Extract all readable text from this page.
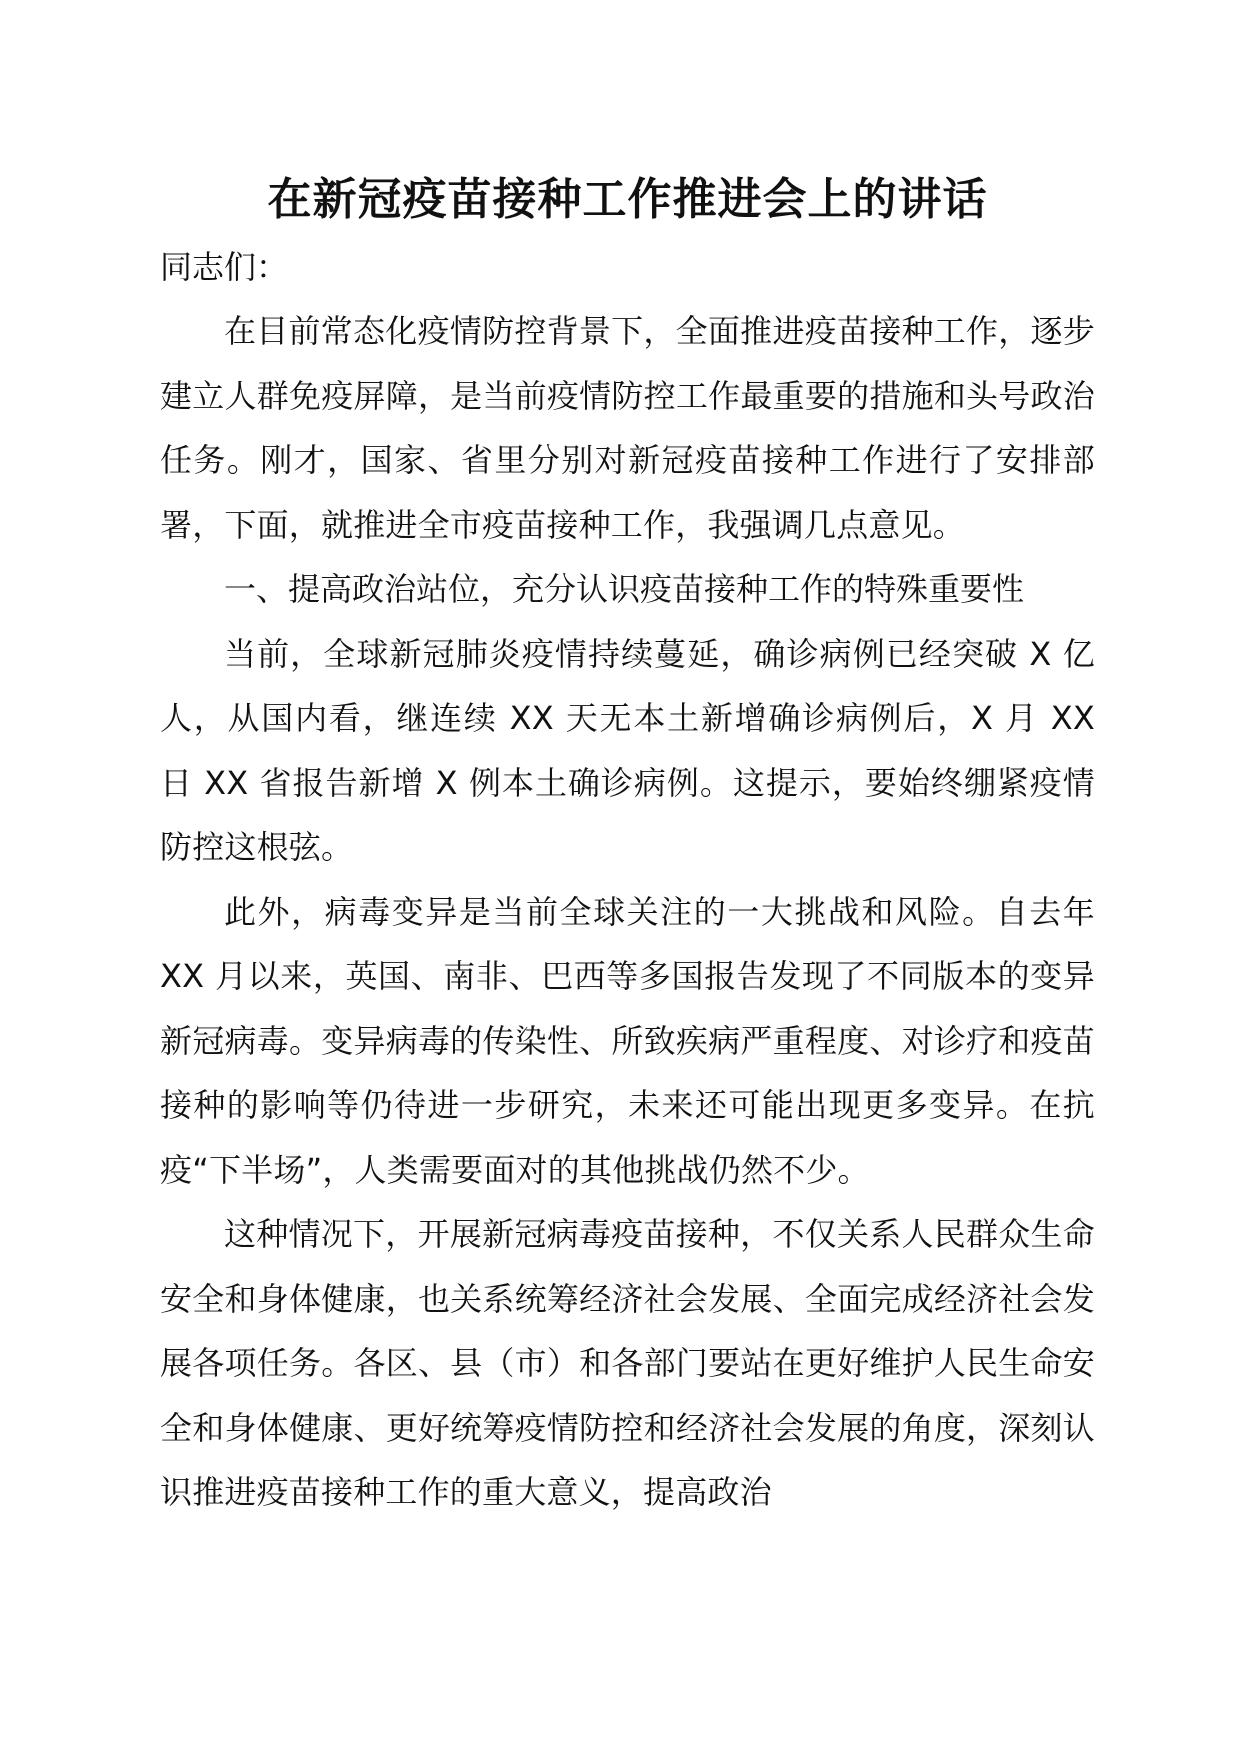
在新冠疫苗接种工作推进会上的讲话

同志们：

在目前常态化疫情防控背景下，全面推进疫苗接种工作，逐步建立人群免疫屏障，是当前疫情防控工作最重要的措施和头号政治任务。刚才，国家、省里分别对新冠疫苗接种工作进行了安排部署，下面，就推进全市疫苗接种工作，我强调几点意见。

一、提高政治站位，充分认识疫苗接种工作的特殊重要性

当前，全球新冠肺炎疫情持续蔓延，确诊病例已经突破 X 亿人，从国内看，继连续 XX 天无本土新增确诊病例后，X 月 XX 日 XX 省报告新增 X 例本土确诊病例。这提示，要始终绷紧疫情防控这根弦。

此外，病毒变异是当前全球关注的一大挑战和风险。自去年 XX 月以来，英国、南非、巴西等多国报告发现了不同版本的变异新冠病毒。变异病毒的传染性、所致疾病严重程度、对诊疗和疫苗接种的影响等仍待进一步研究，未来还可能出现更多变异。在抗疫“下半场”，人类需要面对的其他挑战仍然不少。

这种情况下，开展新冠病毒疫苗接种，不仅关系人民群众生命安全和身体健康，也关系统筹经济社会发展、全面完成经济社会发展各项任务。各区、县（市）和各部门要站在更好维护人民生命安全和身体健康、更好统筹疫情防控和经济社会发展的角度，深刻认识推进疫苗接种工作的重大意义，提高政治
